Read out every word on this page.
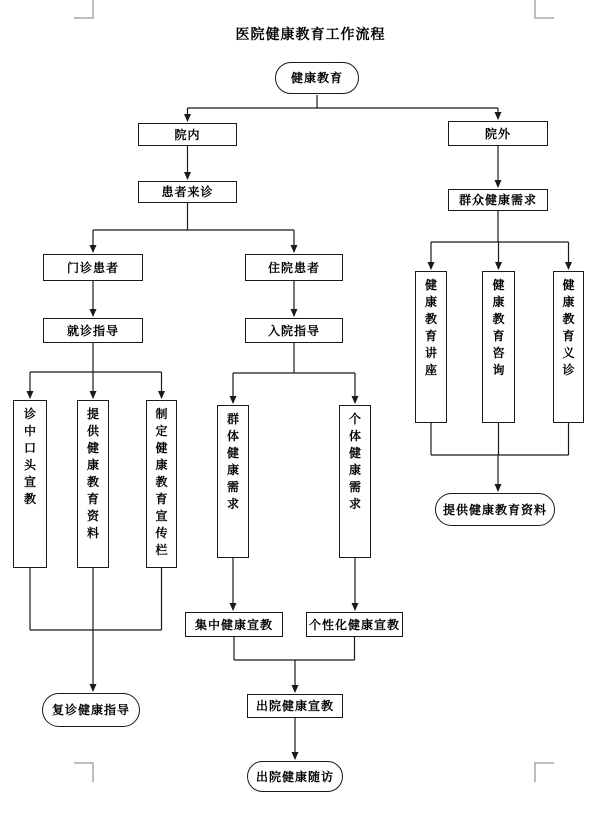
医院健康教育工作流程
健康教育
院内	院外
患者来诊
群众健康需求
门诊患者	住院患者
就诊指导	入院指导
诊中口头宣教
提供健康教育资料
制定健康教育宣传栏
群体健康需求
个体健康需求
健康教育讲座
健康教育咨询
健康教育义诊
提供健康教育资料
集中健康宣教	个性化健康宣教
出院健康宣教
复诊健康指导
出院健康随访
